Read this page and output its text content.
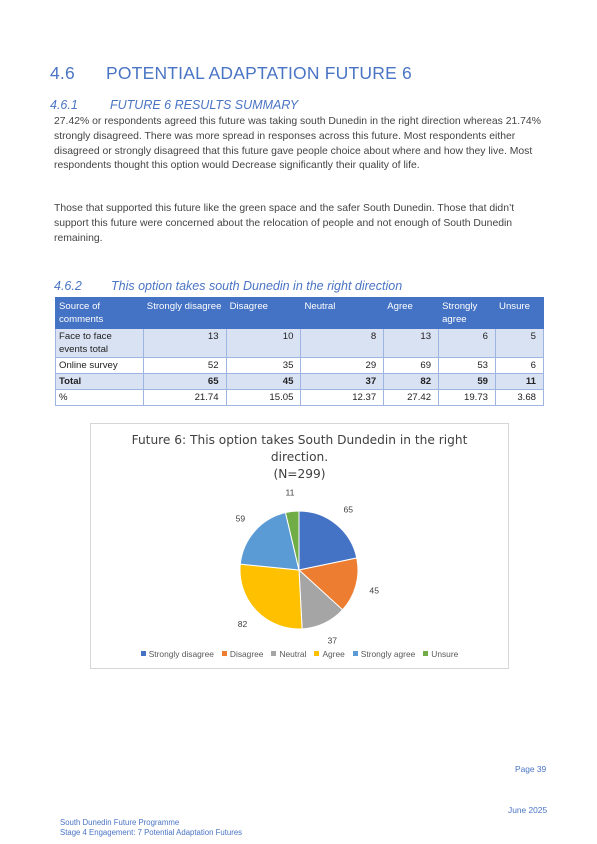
4.6 POTENTIAL ADAPTATION FUTURE 6
4.6.1	FUTURE 6 RESULTS SUMMARY

27.42% or respondents agreed this future was taking south Dunedin in the right direction whereas 21.74% strongly disagreed. There was more spread in responses across this future. Most respondents either disagreed or strongly disagreed that this future gave people choice about where and how they live. Most respondents thought this option would Decrease significantly their quality of life.

Those that supported this future like the green space and the safer South Dunedin. Those that didn’t support this future were concerned about the relocation of people and not enough of South Dunedin remaining.

4.6.2 This option takes south Dunedin in the right direction
Source of comments	Strongly disagree	Disagree	Neutral	Agree	Strongly agree	Unsure
Face to face events total	13	10	8	13	6	5
Online survey	52	35	29	69	53	6
Total	65	45	37	82	59	11
%	21.74	15.05	12.37	27.42	19.73	3.68
Future 6: This option takes South Dundedin in the right
direction.
(N=299)
65
45
37
82
59
11
Strongly disagree Disagree Neutral Agree Strongly agree Unsure
Page 39
June 2025
South Dunedin Future Programme
Stage 4 Engagement: 7 Potential Adaptation Futures
